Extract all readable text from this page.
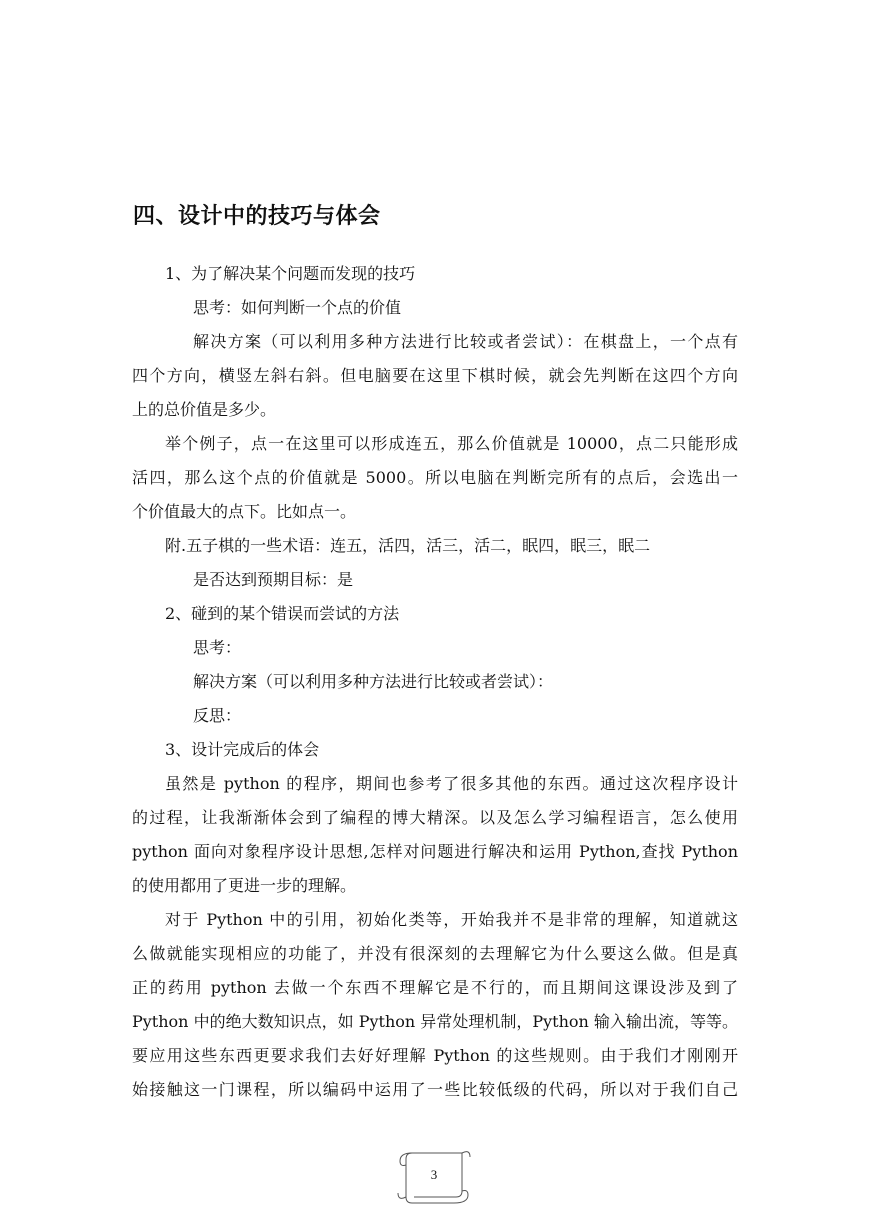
四、设计中的技巧与体会
1、为了解决某个问题而发现的技巧
思考：如何判断一个点的价值
解决方案（可以利用多种方法进行比较或者尝试）：在棋盘上，一个点有
四个方向，横竖左斜右斜。但电脑要在这里下棋时候，就会先判断在这四个方向
上的总价值是多少。
举个例子，点一在这里可以形成连五，那么价值就是 10000，点二只能形成
活四，那么这个点的价值就是 5000。所以电脑在判断完所有的点后，会选出一
个价值最大的点下。比如点一。
附.五子棋的一些术语：连五，活四，活三，活二，眠四，眠三，眠二
是否达到预期目标：是
2、碰到的某个错误而尝试的方法
思考：
解决方案（可以利用多种方法进行比较或者尝试）：
反思：
3、设计完成后的体会
虽然是 python 的程序，期间也参考了很多其他的东西。通过这次程序设计
的过程，让我渐渐体会到了编程的博大精深。以及怎么学习编程语言，怎么使用
python 面向对象程序设计思想,怎样对问题进行解决和运用 Python,查找 Python
的使用都用了更进一步的理解。
对于 Python 中的引用，初始化类等，开始我并不是非常的理解，知道就这
么做就能实现相应的功能了，并没有很深刻的去理解它为什么要这么做。但是真
正的药用 python 去做一个东西不理解它是不行的，而且期间这课设涉及到了
Python 中的绝大数知识点，如 Python 异常处理机制，Python 输入输出流，等等。
要应用这些东西更要求我们去好好理解 Python 的这些规则。由于我们才刚刚开
始接触这一门课程，所以编码中运用了一些比较低级的代码，所以对于我们自己
3
